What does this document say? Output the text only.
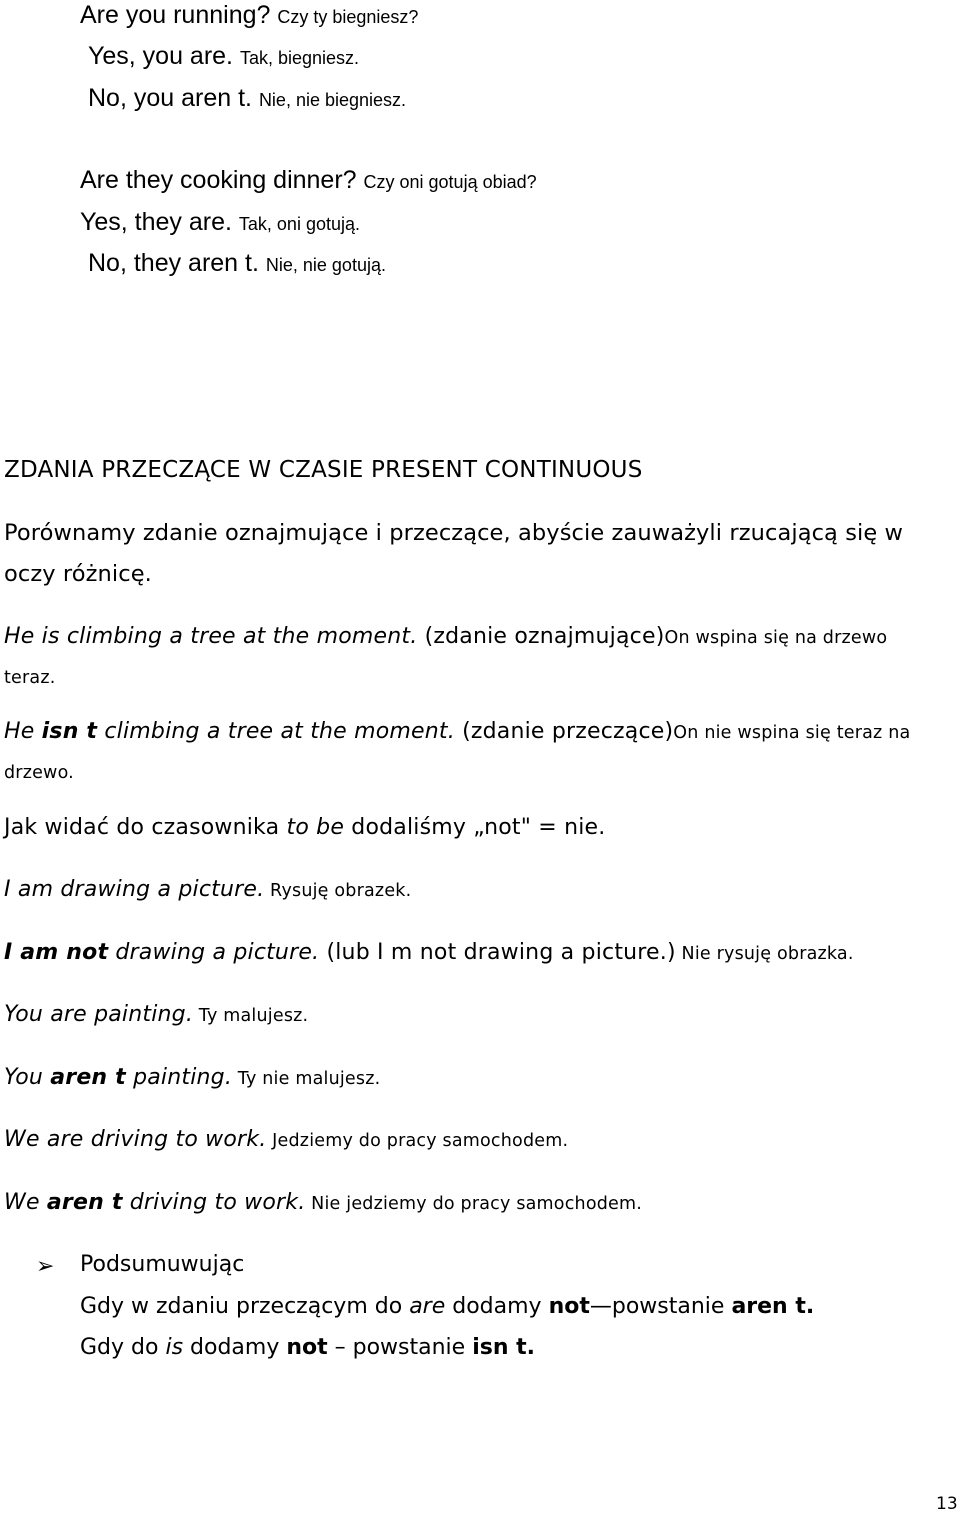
Are you running? Czy ty biegniesz?
Yes, you are. Tak, biegniesz.
No, you aren t. Nie, nie biegniesz.
Are they cooking dinner? Czy oni gotują obiad?
Yes, they are. Tak, oni gotują.
No, they aren t. Nie, nie gotują.
ZDANIA PRZECZĄCE W CZASIE PRESENT CONTINUOUS
Porównamy zdanie oznajmujące i przeczące, abyście zauważyli rzucającą się w
oczy różnicę.
He is climbing a tree at the moment. (zdanie oznajmujące)On wspina się na drzewo
teraz.
He isn t climbing a tree at the moment. (zdanie przeczące)On nie wspina się teraz na
drzewo.
Jak widać do czasownika to be dodaliśmy „not" = nie.
I am drawing a picture. Rysuję obrazek.
I am not drawing a picture. (lub I m not drawing a picture.) Nie rysuję obrazka.
You are painting. Ty malujesz.
You aren t painting. Ty nie malujesz.
We are driving to work. Jedziemy do pracy samochodem.
We aren t driving to work. Nie jedziemy do pracy samochodem.
➢ Podsumuwując
Gdy w zdaniu przeczącym do are dodamy not—powstanie aren t.
Gdy do is dodamy not – powstanie isn t.
13
